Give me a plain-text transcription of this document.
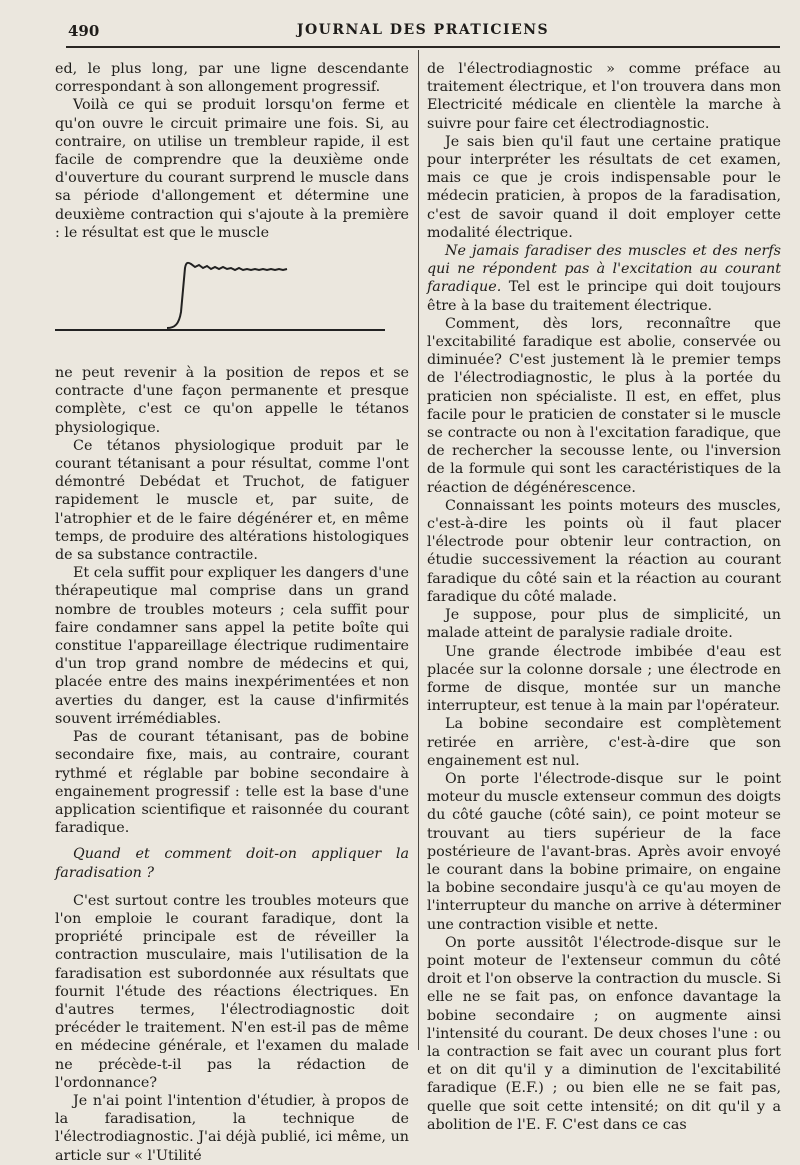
490	JOURNAL DES PRATICIENS

ed, le plus long, par une ligne descendante correspondant à son allongement progressif.

Voilà ce qui se produit lorsqu'on ferme et qu'on ouvre le circuit primaire une fois. Si, au contraire, on utilise un trembleur rapide, il est facile de comprendre que la deuxième onde d'ouverture du courant surprend le muscle dans sa période d'allongement et détermine une deuxième contraction qui s'ajoute à la première : le résultat est que le muscle

ne peut revenir à la position de repos et se contracte d'une façon permanente et presque complète, c'est ce qu'on appelle le tétanos physiologique.

Ce tétanos physiologique produit par le courant tétanisant a pour résultat, comme l'ont démontré Debédat et Truchot, de fatiguer rapidement le muscle et, par suite, de l'atrophier et de le faire dégénérer et, en même temps, de produire des altérations histologiques de sa substance contractile.

Et cela suffit pour expliquer les dangers d'une thérapeutique mal comprise dans un grand nombre de troubles moteurs ; cela suffit pour faire condamner sans appel la petite boîte qui constitue l'appareillage électrique rudimentaire d'un trop grand nombre de médecins et qui, placée entre des mains inexpérimentées et non averties du danger, est la cause d'infirmités souvent irrémédiables.

Pas de courant tétanisant, pas de bobine secondaire fixe, mais, au contraire, courant rythmé et réglable par bobine secondaire à engainement progressif : telle est la base d'une application scientifique et raisonnée du courant faradique.

Quand et comment doit-on appliquer la faradisation ?

C'est surtout contre les troubles moteurs que l'on emploie le courant faradique, dont la propriété principale est de réveiller la contraction musculaire, mais l'utilisation de la faradisation est subordonnée aux résultats que fournit l'étude des réactions électriques. En d'autres termes, l'électrodiagnostic doit précéder le traitement. N'en est-il pas de même en médecine générale, et l'examen du malade ne précède-t-il pas la rédaction de l'ordonnance?

Je n'ai point l'intention d'étudier, à propos de la faradisation, la technique de l'électrodiagnostic. J'ai déjà publié, ici même, un article sur « l'Utilité

de l'électrodiagnostic » comme préface au traitement électrique, et l'on trouvera dans mon Electricité médicale en clientèle la marche à suivre pour faire cet électrodiagnostic.

Je sais bien qu'il faut une certaine pratique pour interpréter les résultats de cet examen, mais ce que je crois indispensable pour le médecin praticien, à propos de la faradisation, c'est de savoir quand il doit employer cette modalité électrique.

Ne jamais faradiser des muscles et des nerfs qui ne répondent pas à l'excitation au courant faradique. Tel est le principe qui doit toujours être à la base du traitement électrique.

Comment, dès lors, reconnaître que l'excitabilité faradique est abolie, conservée ou diminuée? C'est justement là le premier temps de l'électrodiagnostic, le plus à la portée du praticien non spécialiste. Il est, en effet, plus facile pour le praticien de constater si le muscle se contracte ou non à l'excitation faradique, que de rechercher la secousse lente, ou l'inversion de la formule qui sont les caractéristiques de la réaction de dégénérescence.

Connaissant les points moteurs des muscles, c'est-à-dire les points où il faut placer l'électrode pour obtenir leur contraction, on étudie successivement la réaction au courant faradique du côté sain et la réaction au courant faradique du côté malade.

Je suppose, pour plus de simplicité, un malade atteint de paralysie radiale droite.

Une grande électrode imbibée d'eau est placée sur la colonne dorsale ; une électrode en forme de disque, montée sur un manche interrupteur, est tenue à la main par l'opérateur.

La bobine secondaire est complètement retirée en arrière, c'est-à-dire que son engainement est nul.

On porte l'électrode-disque sur le point moteur du muscle extenseur commun des doigts du côté gauche (côté sain), ce point moteur se trouvant au tiers supérieur de la face postérieure de l'avant-bras. Après avoir envoyé le courant dans la bobine primaire, on engaine la bobine secondaire jusqu'à ce qu'au moyen de l'interrupteur du manche on arrive à déterminer une contraction visible et nette.

On porte aussitôt l'électrode-disque sur le point moteur de l'extenseur commun du côté droit et l'on observe la contraction du muscle. Si elle ne se fait pas, on enfonce davantage la bobine secondaire ; on augmente ainsi l'intensité du courant. De deux choses l'une : ou la contraction se fait avec un courant plus fort et on dit qu'il y a diminution de l'excitabilité faradique (E.F.) ; ou bien elle ne se fait pas, quelle que soit cette intensité; on dit qu'il y a abolition de l'E. F. C'est dans ce cas
